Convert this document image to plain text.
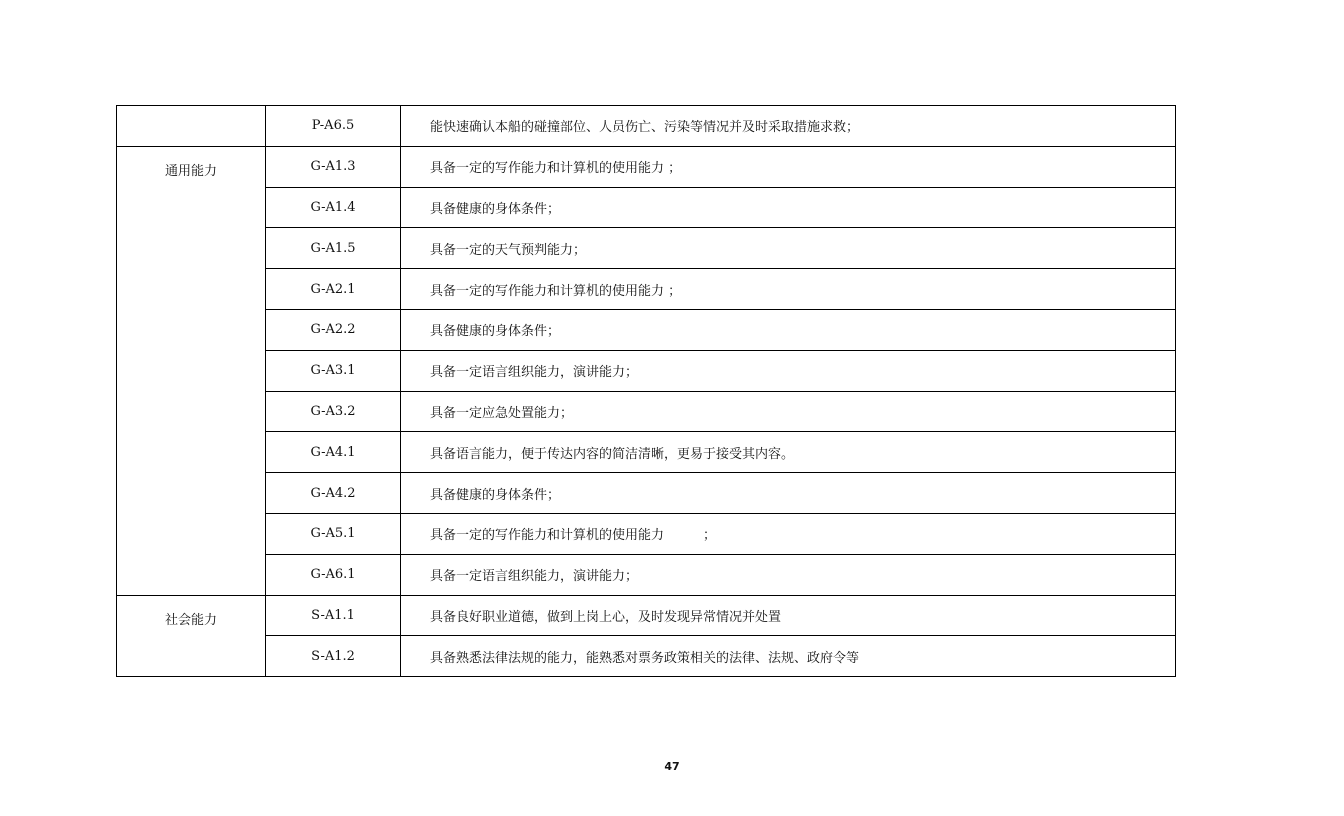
	P-A6.5	能快速确认本船的碰撞部位、人员伤亡、污染等情况并及时采取措施求救；

通用能力	G-A1.3	具备一定的写作能力和计算机的使用能力 ；
	G-A1.4	具备健康的身体条件；
	G-A1.5	具备一定的天气预判能力；
	G-A2.1	具备一定的写作能力和计算机的使用能力 ；
	G-A2.2	具备健康的身体条件；
	G-A3.1	具备一定语言组织能力，演讲能力；
	G-A3.2	具备一定应急处置能力；
	G-A4.1	具备语言能力，便于传达内容的简洁清晰，更易于接受其内容。
	G-A4.2	具备健康的身体条件；
	G-A5.1	具备一定的写作能力和计算机的使用能力　　　；
	G-A6.1	具备一定语言组织能力，演讲能力；

社会能力	S-A1.1	具备良好职业道德，做到上岗上心，及时发现异常情况并处置
	S-A1.2	具备熟悉法律法规的能力，能熟悉对票务政策相关的法律、法规、政府令等
47
